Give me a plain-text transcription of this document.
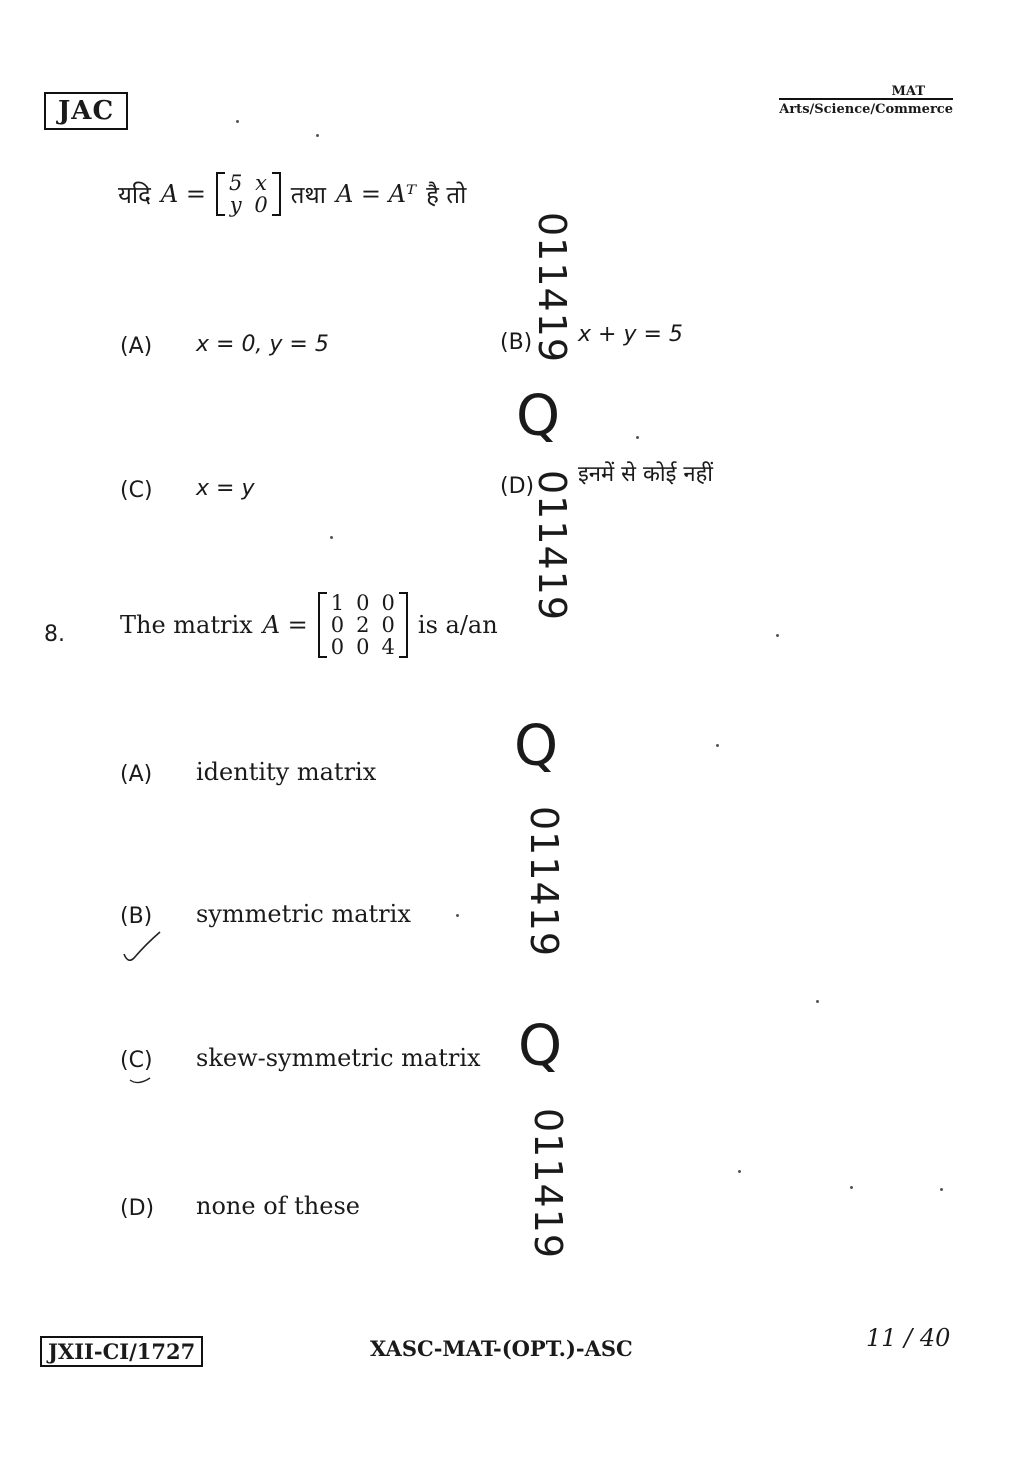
JAC
MAT
Arts/Science/Commerce
यदि A = 5 x
y 0 तथा A = Aᵀ है तो
(A) x = 0, y = 5	(B) x + y = 5
(C) x = y	(D) इनमें से कोई नहीं
8. The matrix A =
1 0 0
0 2 0
0 0 4
is a/an
(A) identity matrix
(B) symmetric matrix
(C) skew-symmetric matrix
(D) none of these
011419
Q
011419
Q
011419
Q
011419
JXII-CI/1727	XASC-MAT-(OPT.)-ASC	11 / 40
